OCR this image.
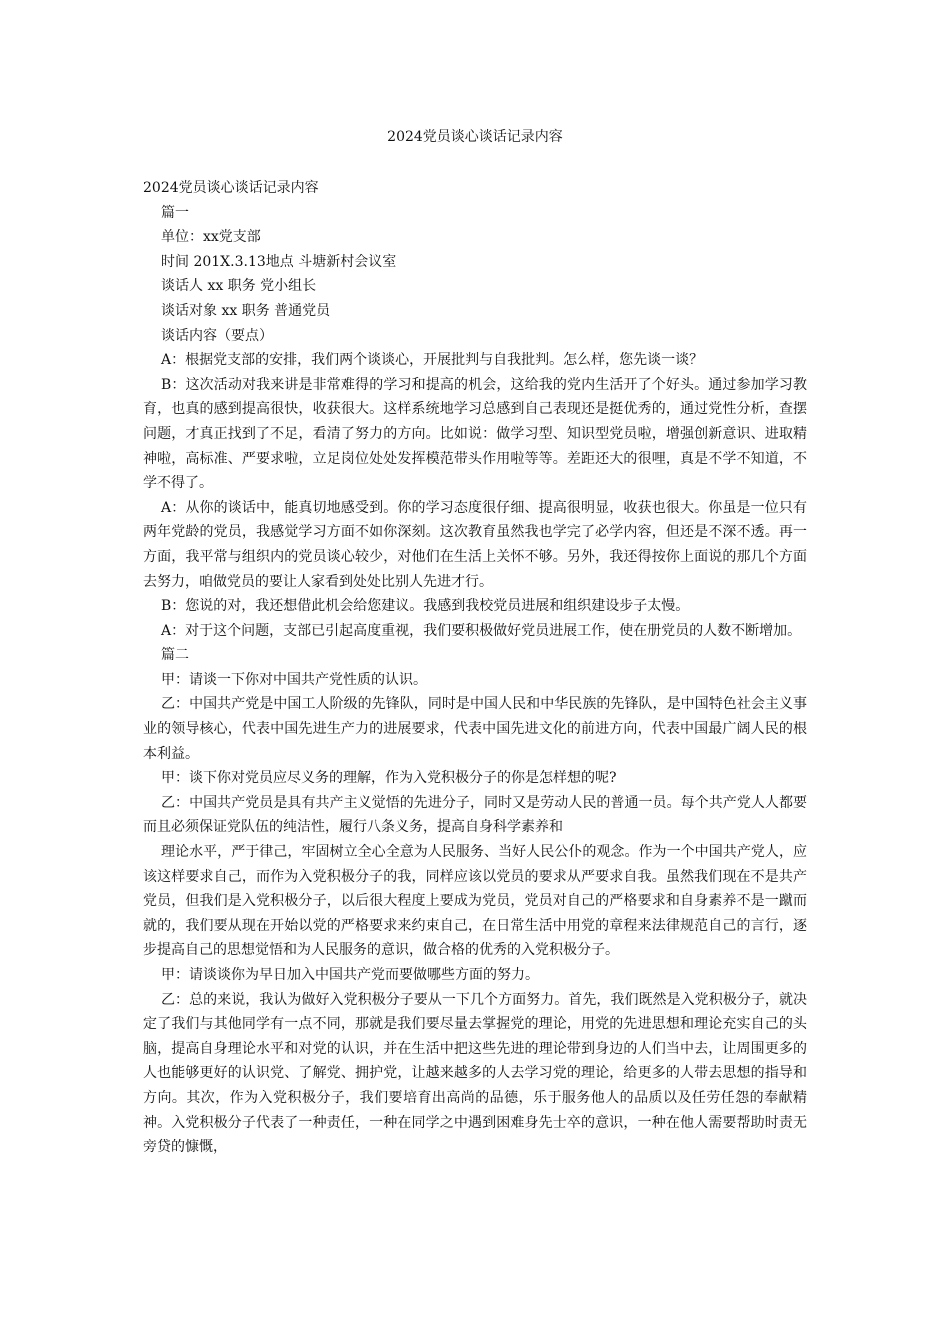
2024党员谈心谈话记录内容

2024党员谈心谈话记录内容

篇一

单位：xx党支部

时间 201X.3.13地点 斗塘新村会议室

谈话人 xx 职务 党小组长

谈话对象 xx 职务 普通党员

谈话内容（要点）

A：根据党支部的安排，我们两个谈谈心，开展批判与自我批判。怎么样，您先谈一谈？

B：这次活动对我来讲是非常难得的学习和提高的机会，这给我的党内生活开了个好头。通过参加学习教育，也真的感到提高很快，收获很大。这样系统地学习总感到自己表现还是挺优秀的，通过党性分析，查摆问题，才真正找到了不足，看清了努力的方向。比如说：做学习型、知识型党员啦，增强创新意识、进取精神啦，高标准、严要求啦，立足岗位处处发挥模范带头作用啦等等。差距还大的很哩，真是不学不知道，不学不得了。

A：从你的谈话中，能真切地感受到。你的学习态度很仔细、提高很明显，收获也很大。你虽是一位只有两年党龄的党员，我感觉学习方面不如你深刻。这次教育虽然我也学完了必学内容，但还是不深不透。再一方面，我平常与组织内的党员谈心较少，对他们在生活上关怀不够。另外，我还得按你上面说的那几个方面去努力，咱做党员的要让人家看到处处比别人先进才行。

B：您说的对，我还想借此机会给您建议。我感到我校党员进展和组织建设步子太慢。

A：对于这个问题，支部已引起高度重视，我们要积极做好党员进展工作，使在册党员的人数不断增加。

篇二

甲：请谈一下你对中国共产党性质的认识。

乙：中国共产党是中国工人阶级的先锋队，同时是中国人民和中华民族的先锋队，是中国特色社会主义事业的领导核心，代表中国先进生产力的进展要求，代表中国先进文化的前进方向，代表中国最广阔人民的根本利益。

甲：谈下你对党员应尽义务的理解，作为入党积极分子的你是怎样想的呢?

乙：中国共产党员是具有共产主义觉悟的先进分子，同时又是劳动人民的普通一员。每个共产党人人都要而且必须保证党队伍的纯洁性，履行八条义务，提高自身科学素养和

理论水平，严于律己，牢固树立全心全意为人民服务、当好人民公仆的观念。作为一个中国共产党人，应该这样要求自己，而作为入党积极分子的我，同样应该以党员的要求从严要求自我。虽然我们现在不是共产党员，但我们是入党积极分子，以后很大程度上要成为党员，党员对自己的严格要求和自身素养不是一蹴而就的，我们要从现在开始以党的严格要求来约束自己，在日常生活中用党的章程来法律规范自己的言行，逐步提高自己的思想觉悟和为人民服务的意识，做合格的优秀的入党积极分子。

甲：请谈谈你为早日加入中国共产党而要做哪些方面的努力。

乙：总的来说，我认为做好入党积极分子要从一下几个方面努力。首先，我们既然是入党积极分子，就决定了我们与其他同学有一点不同，那就是我们要尽量去掌握党的理论，用党的先进思想和理论充实自己的头脑，提高自身理论水平和对党的认识，并在生活中把这些先进的理论带到身边的人们当中去，让周围更多的人也能够更好的认识党、了解党、拥护党，让越来越多的人去学习党的理论，给更多的人带去思想的指导和方向。其次，作为入党积极分子，我们要培育出高尚的品德，乐于服务他人的品质以及任劳任怨的奉献精神。入党积极分子代表了一种责任，一种在同学之中遇到困难身先士卒的意识，一种在他人需要帮助时责无旁贷的慷慨，
